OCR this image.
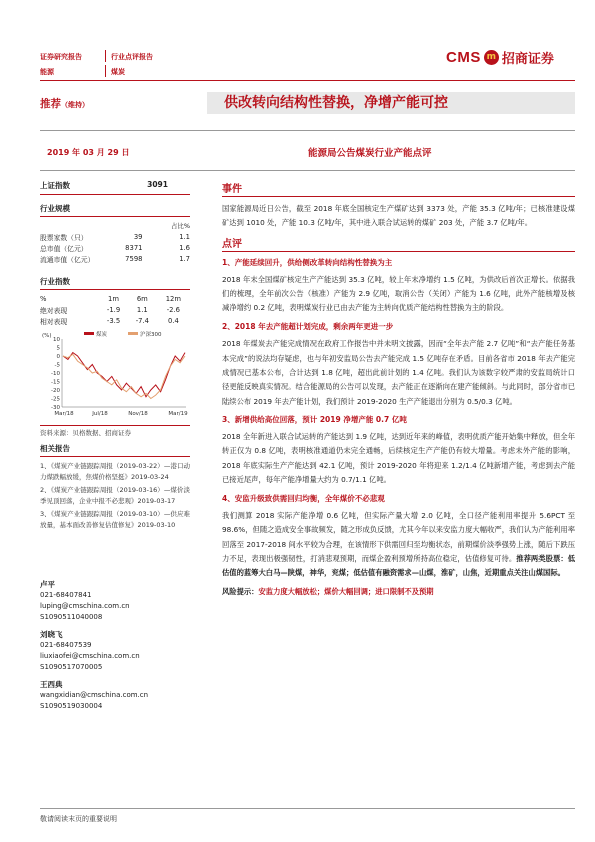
证券研究报告	行业点评报告
能源	煤炭
CMS m 招商证券
推荐（维持）	供改转向结构性替换，净增产能可控
2019 年 03 月 29 日	能源局公告煤炭行业产能点评
上证指数	3091
行业规模
		占比%
股票家数（只）	39	1.1
总市值（亿元）	8371	1.6
流通市值（亿元）	7598	1.7
行业指数
%	1m	6m	12m
绝对表现	-1.9	1.1	-2.6
相对表现	-3.5	-7.4	0.4
(%)	煤炭	沪深300
10
5
0
-5
-10
-15
-20
-25
-30
Mar/18	Jul/18	Nov/18	Mar/19
资料来源：贝格数据、招商证券
相关报告
1、《煤炭产业链跟踪周报（2019-03-22）—港口动力煤跌幅放缓，焦煤价格坚挺》2019-03-24
2、《煤炭产业链跟踪周报（2019-03-16）—煤价淡季见顶回落，企业中报不必悲观》2019-03-17
3、《煤炭产业链跟踪周报（2019-03-10）—供应难放量，基本面改善修复估值修复》2019-03-10
卢平
021-68407841
luping@cmschina.com.cn
S1090511040008
刘晓飞
021-68407539
liuxiaofei@cmschina.com.cn
S1090517070005
王西典
wangxidian@cmschina.com.cn
S1090519030004
事件
国家能源局近日公告，截至 2018 年底全国核定生产煤矿达到 3373 处，产能 35.3 亿吨/年；已核准建设煤矿达到 1010 处，产能 10.3 亿吨/年，其中进入联合试运转的煤矿 203 处，产能 3.7 亿吨/年。
点评
1、产能延续回升，供给侧改革转向结构性替换为主
2018 年末全国煤矿核定生产产能达到 35.3 亿吨，较上年末净增约 1.5 亿吨，为供改后首次正增长。依据我们的梳理，全年前次公告（核准）产能为 2.9 亿吨，取消公告（关闭）产能为 1.6 亿吨，此外产能核增及核减净增约 0.2 亿吨，表明煤炭行业已由去产能为主转向优质产能结构性替换为主的阶段。
2、2018 年去产能超计划完成，剩余两年更进一步
2018 年煤炭去产能完成情况在政府工作报告中并未明文披露，因而“全年去产能 2.7 亿吨”和“去产能任务基本完成”的说法均存疑虑，也与年初安监局公告去产能完成 1.5 亿吨存在矛盾。目前各省市 2018 年去产能完成情况已基本公布，合计达到 1.8 亿吨，超出此前计划的 1.4 亿吨。我们认为该数字较严肃的安监局统计口径更能反映真实情况。结合能源局的公告可以发现，去产能正在逐渐向在建产能倾斜。与此同时，部分省市已陆续公布 2019 年去产能计划，我们预计 2019-2020 生产产能退出分别为 0.5/0.3 亿吨。
3、新增供给高位回落，预计 2019 净增产能 0.7 亿吨
2018 全年新进入联合试运转的产能达到 1.9 亿吨，达到近年来的峰值，表明优质产能开始集中释放，但全年转正仅为 0.8 亿吨，表明核准通道仍未完全通畅，后续核定生产产能仍有较大增量。考虑未外产能的影响，2018 年底实际生产产能达到 42.1 亿吨，预计 2019-2020 年将迎来 1.2/1.4 亿吨新增产能，考虑到去产能已接近尾声，每年产能净增量大约为 0.7/1.1 亿吨。
4、安监升级致供需回归均衡，全年煤价不必悲观
我们测算 2018 实际产能净增 0.6 亿吨，但实际产量大增 2.0 亿吨，全口径产能利用率提升 5.6PCT 至 98.6%，但随之造成安全事故频发，随之形成负反馈，尤其今年以来安监力度大幅收严，我们认为产能利用率回落至 2017-2018 间水平较为合理，在该情形下供需回归至均衡状态，前期煤价淡季强势上涨，随后下跌压力不足，表现出极强韧性，打消悲观预期，而煤企盈利预增所持高位稳定，估值修复可待。推荐两类股票：低估值的蓝筹大白马—陕煤，神华，兖煤；低估值有融资需求—山煤，淮矿，山焦，近期重点关注山煤国际。
风险提示：安监力度大幅放松；煤价大幅回调；进口限制不及预期
敬请阅读末页的重要说明
